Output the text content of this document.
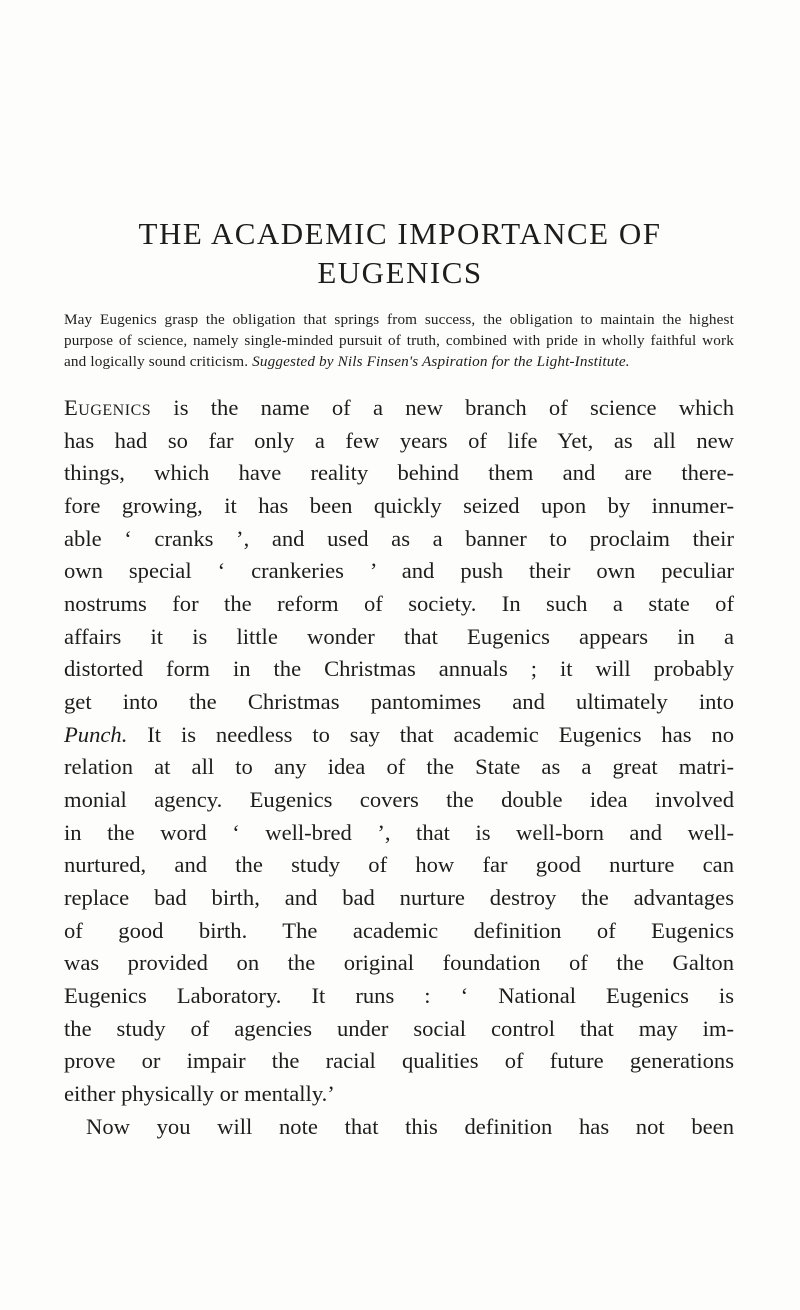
THE ACADEMIC IMPORTANCE OF
EUGENICS

May Eugenics grasp the obligation that springs from success, the obligation to maintain the highest purpose of science, namely single-minded pursuit of truth, combined with pride in wholly faithful work and logically sound criticism. Suggested by Nils Finsen's Aspiration for the Light-Institute.

Eugenics is the name of a new branch of science which

has had so far only a few years of life Yet, as all new

things, which have reality behind them and are there-

fore growing, it has been quickly seized upon by innumer-

able ‘ cranks ’, and used as a banner to proclaim their

own special ‘ crankeries ’ and push their own peculiar

nostrums for the reform of society. In such a state of

affairs it is little wonder that Eugenics appears in a

distorted form in the Christmas annuals ; it will probably

get into the Christmas pantomimes and ultimately into

Punch. It is needless to say that academic Eugenics has no

relation at all to any idea of the State as a great matri-

monial agency. Eugenics covers the double idea involved

in the word ‘ well-bred ’, that is well-born and well-

nurtured, and the study of how far good nurture can

replace bad birth, and bad nurture destroy the advantages

of good birth. The academic definition of Eugenics

was provided on the original foundation of the Galton

Eugenics Laboratory. It runs : ‘ National Eugenics is

the study of agencies under social control that may im-

prove or impair the racial qualities of future generations

either physically or mentally.’

Now you will note that this definition has not been
